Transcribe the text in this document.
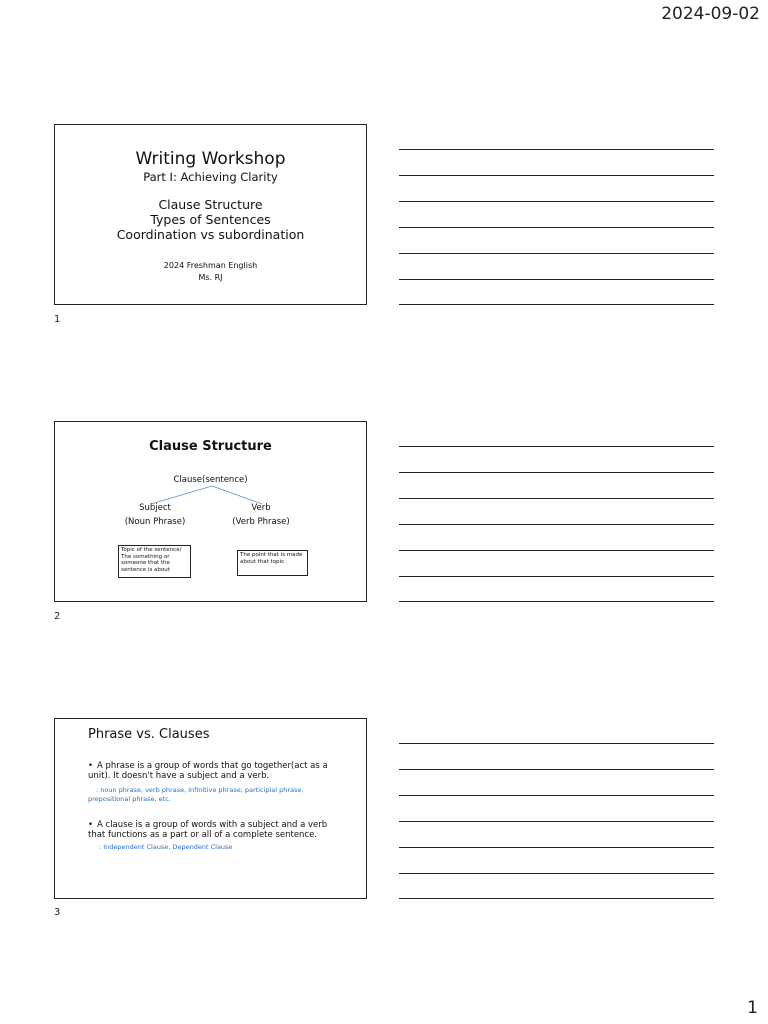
2024-09-02
Writing Workshop
Part I: Achieving Clarity
Clause Structure
Types of Sentences
Coordination vs subordination
2024 Freshman English
Ms. RJ
1
Clause Structure
Clause(sentence)
Subject
(Noun Phrase)
Verb
(Verb Phrase)
Topic of the sentence/ The something or someone that the sentence is about
The point that is made about that topic
2
Phrase vs. Clauses
• A phrase is a group of words that go together(act as a unit). It doesn't have a subject and a verb.
: noun phrase, verb phrase, infinitive phrase, participial phrase, prepositional phrase, etc.
• A clause is a group of words with a subject and a verb that functions as a part or all of a complete sentence.
: Independent Clause, Dependent Clause
3
1
